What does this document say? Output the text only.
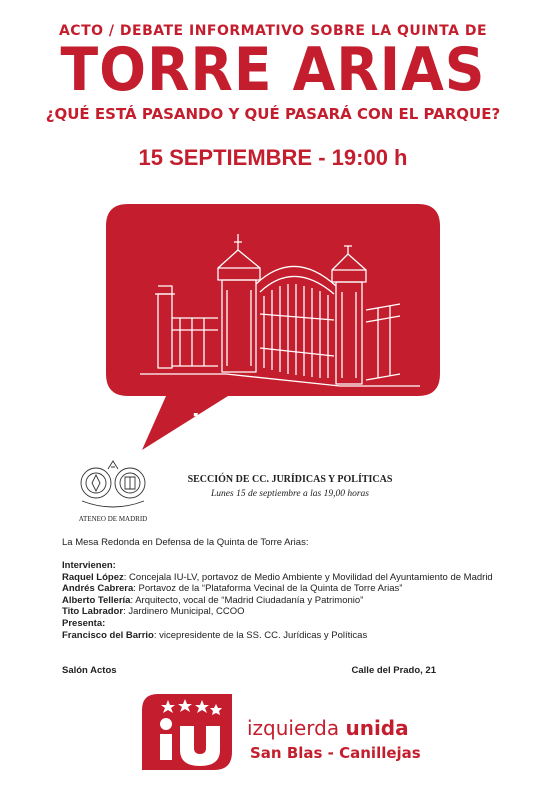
ACTO / DEBATE INFORMATIVO SOBRE LA QUINTA DE
TORRE ARIAS
¿QUÉ ESTÁ PASANDO Y QUÉ PASARÁ CON EL PARQUE?
15 SEPTIEMBRE - 19:00 h
iusanblas.org
ATENEO DE MADRID
SECCIÓN DE CC. JURÍDICAS Y POLÍTICAS
Lunes 15 de septiembre a las 19,00 horas
La Mesa Redonda en Defensa de la Quinta de Torre Arias:
Intervienen:
Raquel López: Concejala IU-LV, portavoz de Medio Ambiente y Movilidad del Ayuntamiento de Madrid
Andrés Cabrera: Portavoz de la “Plataforma Vecinal de la Quinta de Torre Arias”
Alberto Tellería: Arquitecto, vocal de “Madrid Ciudadanía y Patrimonio”
Tito Labrador: Jardinero Municipal, CCOO
Presenta:
Francisco del Barrio: vicepresidente de la SS. CC. Jurídicas y Políticas
Salón Actos	Calle del Prado, 21
izquierda unida
San Blas - Canillejas
